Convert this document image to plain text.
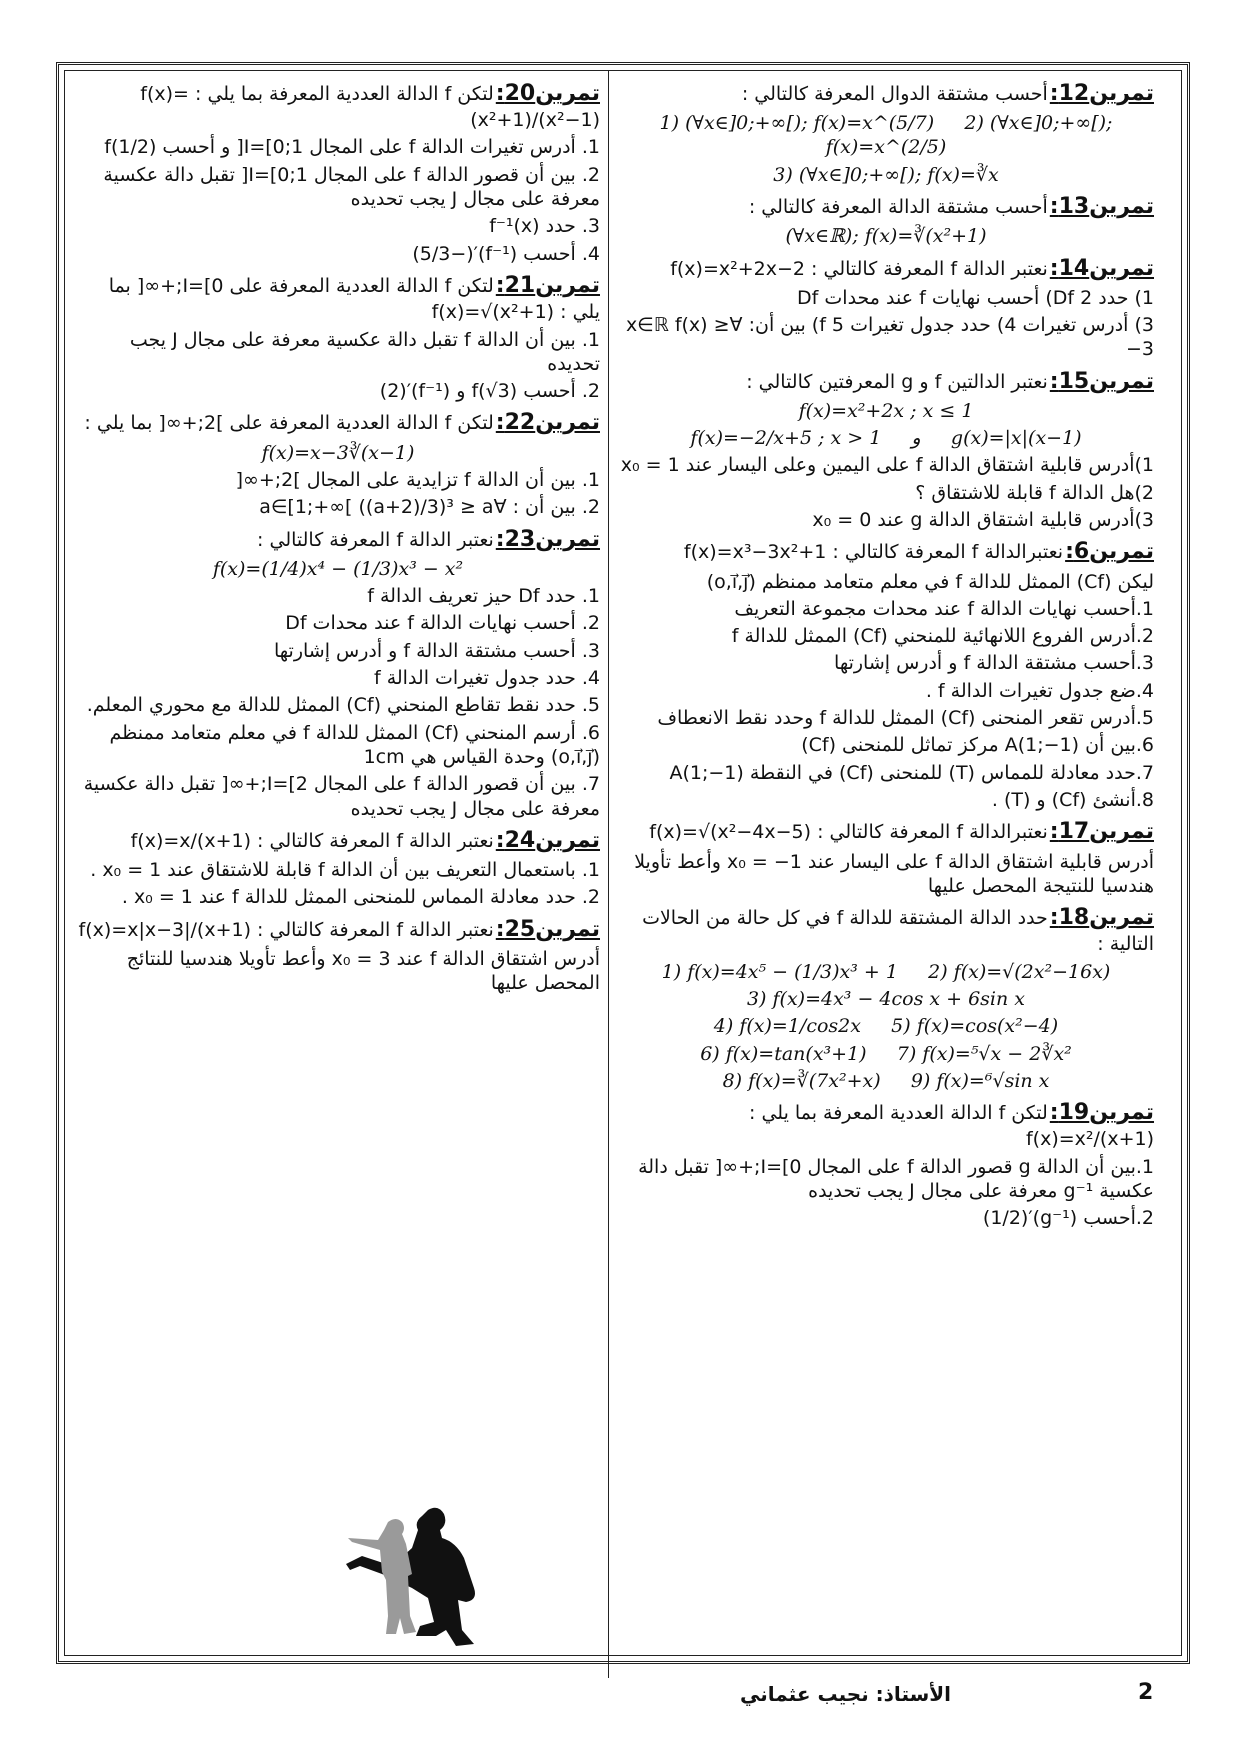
تمرين12:أحسب مشتقة الدوال المعرفة كالتالي :
1) (∀x∈]0;+∞[); f(x)=x^(5/7)     2) (∀x∈]0;+∞[); f(x)=x^(2/5)
3) (∀x∈]0;+∞[); f(x)=∛x
تمرين13:أحسب مشتقة الدالة المعرفة كالتالي :
(∀x∈ℝ); f(x)=∛(x²+1)
تمرين14:نعتبر الدالة f المعرفة كالتالي : f(x)=x²+2x−2
1) حدد Df 2) أحسب نهايات f عند محدات Df
3) أدرس تغيرات 4) حدد جدول تغيرات f 5) بين أن: ∀x∈ℝ f(x) ≥ −3
تمرين15:نعتبر الدالتين f و g المعرفتين كالتالي :
f(x)=x²+2x ; x ≤ 1
f(x)=−2/x+5 ; x > 1     و     g(x)=|x|(x−1)
1)أدرس قابلية اشتقاق الدالة f على اليمين وعلى اليسار عند x₀ = 1
2)هل الدالة f قابلة للاشتقاق ؟
3)أدرس قابلية اشتقاق الدالة g عند x₀ = 0
تمرين6:نعتبرالدالة f المعرفة كالتالي : f(x)=x³−3x²+1
ليكن (Cf) الممثل للدالة f في معلم متعامد ممنظم (o,i⃗,j⃗)
1.أحسب نهايات الدالة f عند محدات مجموعة التعريف
2.أدرس الفروع اللانهائية للمنحني (Cf) الممثل للدالة f
3.أحسب مشتقة الدالة f و أدرس إشارتها
4.ضع جدول تغيرات الدالة f .
5.أدرس تقعر المنحنى (Cf) الممثل للدالة f وحدد نقط الانعطاف
6.بين أن A(1;−1) مركز تماثل للمنحنى (Cf)
7.حدد معادلة للمماس (T) للمنحنى (Cf) في النقطة A(1;−1)
8.أنشئ (Cf) و (T) .
تمرين17:نعتبرالدالة f المعرفة كالتالي : f(x)=√(x²−4x−5)
أدرس قابلية اشتقاق الدالة f على اليسار عند x₀ = −1 وأعط تأويلا هندسيا للنتيجة المحصل عليها
تمرين18:حدد الدالة المشتقة للدالة f في كل حالة من الحالات التالية :
1) f(x)=4x⁵ − (1/3)x³ + 1     2) f(x)=√(2x²−16x)
3) f(x)=4x³ − 4cos x + 6sin x
4) f(x)=1/cos2x     5) f(x)=cos(x²−4)
6) f(x)=tan(x³+1)     7) f(x)=⁵√x − 2∛x²
8) f(x)=∛(7x²+x)     9) f(x)=⁶√sin x
تمرين19:لتكن f الدالة العددية المعرفة بما يلي : f(x)=x²/(x+1)
1.بين أن الدالة g قصور الدالة f على المجال I=[0;+∞[ تقبل دالة عكسية g⁻¹ معرفة على مجال J يجب تحديده
2.أحسب (g⁻¹)′(1/2)
تمرين20:لتكن f الدالة العددية المعرفة بما يلي : f(x)=(x²+1)/(x²−1)
1. أدرس تغيرات الدالة f على المجال I=[0;1[ و أحسب f(1/2)
2. بين أن قصور الدالة f على المجال I=[0;1[ تقبل دالة عكسية معرفة على مجال J يجب تحديده
3. حدد f⁻¹(x)
4. أحسب (f⁻¹)′(−5/3)
تمرين21:لتكن f الدالة العددية المعرفة على I=[0;+∞[ بما يلي : f(x)=√(x²+1)
1. بين أن الدالة f تقبل دالة عكسية معرفة على مجال J يجب تحديده
2. أحسب f(√3) و (f⁻¹)′(2)
تمرين22:لتكن f الدالة العددية المعرفة على ]2;+∞[ بما يلي :
f(x)=x−3∛(x−1)
1. بين أن الدالة f تزايدية على المجال ]2;+∞[
2. بين أن : ∀a∈[1;+∞[ ((a+2)/3)³ ≥ a
تمرين23:نعتبر الدالة f المعرفة كالتالي :
f(x)=(1/4)x⁴ − (1/3)x³ − x²
1. حدد Df حيز تعريف الدالة f
2. أحسب نهايات الدالة f عند محدات Df
3. أحسب مشتقة الدالة f و أدرس إشارتها
4. حدد جدول تغيرات الدالة f
5. حدد نقط تقاطع المنحني (Cf) الممثل للدالة مع محوري المعلم.
6. أرسم المنحني (Cf) الممثل للدالة f في معلم متعامد ممنظم (o,i⃗,j⃗) وحدة القياس هي 1cm
7. بين أن قصور الدالة f على المجال I=[2;+∞[ تقبل دالة عكسية معرفة على مجال J يجب تحديده
تمرين24:نعتبر الدالة f المعرفة كالتالي : f(x)=x/(x+1)
1. باستعمال التعريف بين أن الدالة f قابلة للاشتقاق عند x₀ = 1 .
2. حدد معادلة المماس للمنحنى الممثل للدالة f عند x₀ = 1 .
تمرين25:نعتبر الدالة f المعرفة كالتالي : f(x)=x|x−3|/(x+1)
أدرس اشتقاق الدالة f عند x₀ = 3 وأعط تأويلا هندسيا للنتائج المحصل عليها
2
الأستاذ: نجيب عثماني
